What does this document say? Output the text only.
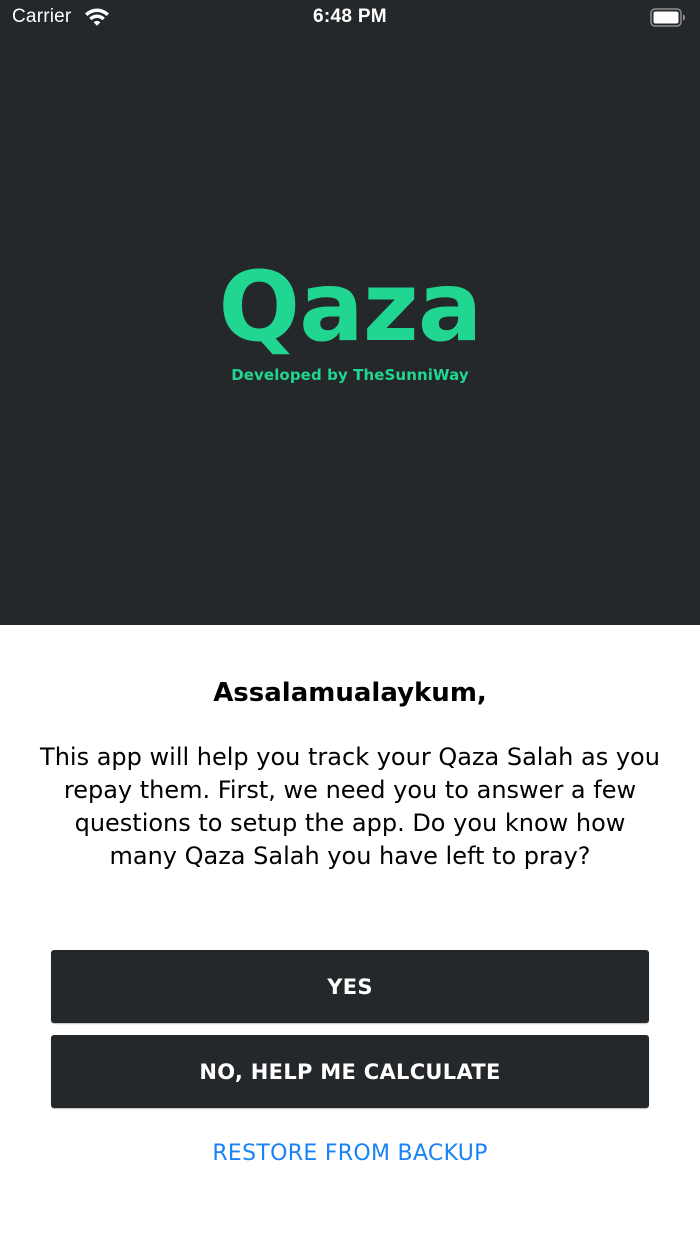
Carrier	6:48 PM
Qaza
Developed by TheSunniWay
Assalamualaykum,
This app will help you track your Qaza Salah as you repay them. First, we need you to answer a few questions to setup the app. Do you know how many Qaza Salah you have left to pray?
YES
NO, HELP ME CALCULATE
RESTORE FROM BACKUP
